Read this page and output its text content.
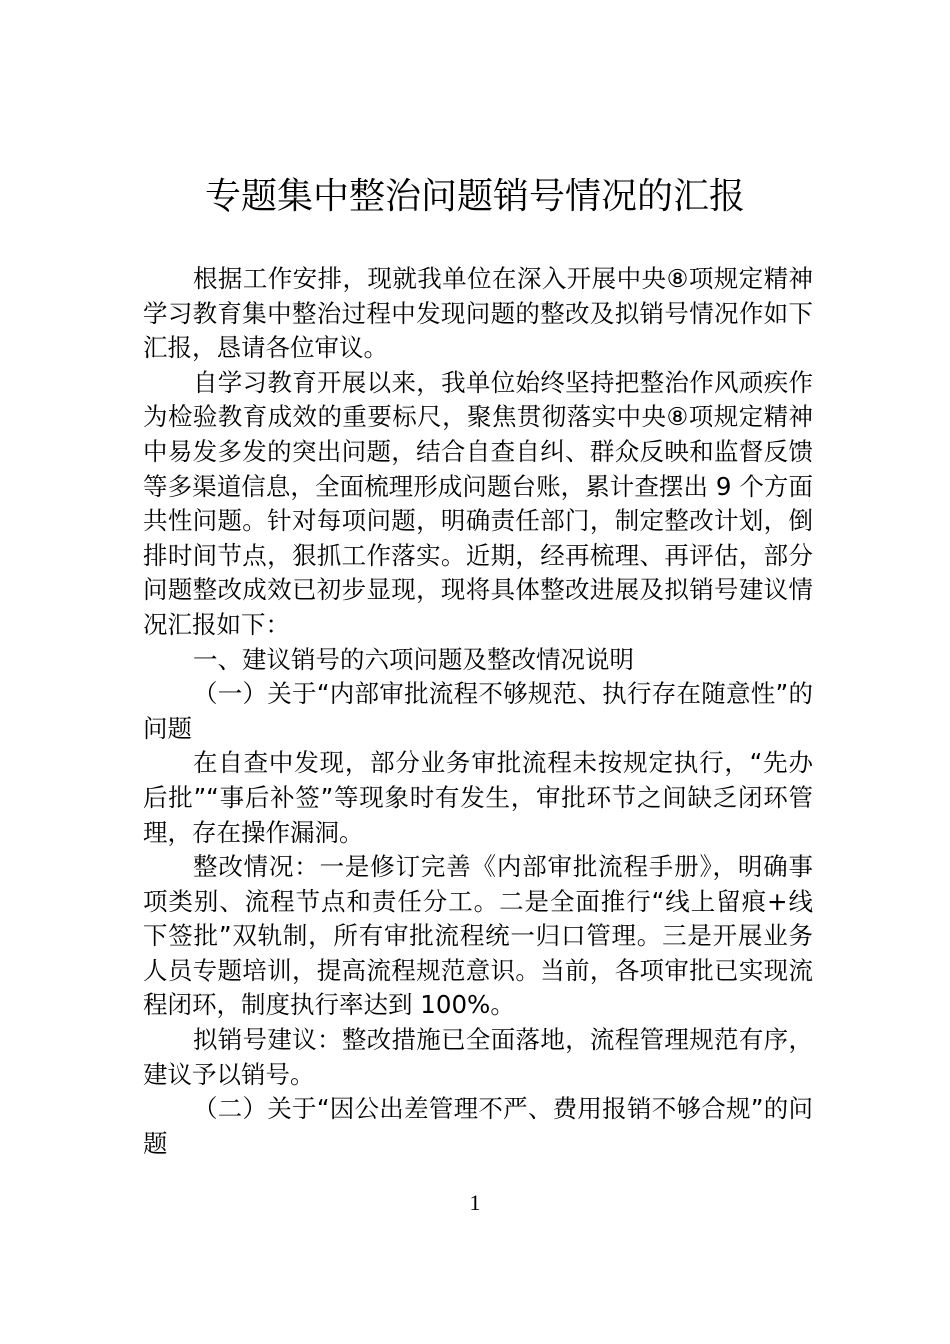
专题集中整治问题销号情况的汇报

根据工作安排，现就我单位在深入开展中央⑧项规定精神学习教育集中整治过程中发现问题的整改及拟销号情况作如下汇报，恳请各位审议。

自学习教育开展以来，我单位始终坚持把整治作风顽疾作为检验教育成效的重要标尺，聚焦贯彻落实中央⑧项规定精神中易发多发的突出问题，结合自查自纠、群众反映和监督反馈等多渠道信息，全面梳理形成问题台账，累计查摆出 9 个方面共性问题。针对每项问题，明确责任部门，制定整改计划，倒排时间节点，狠抓工作落实。近期，经再梳理、再评估，部分问题整改成效已初步显现，现将具体整改进展及拟销号建议情况汇报如下：

一、建议销号的六项问题及整改情况说明

（一）关于“内部审批流程不够规范、执行存在随意性”的问题

在自查中发现，部分业务审批流程未按规定执行，“先办后批”“事后补签”等现象时有发生，审批环节之间缺乏闭环管理，存在操作漏洞。

整改情况：一是修订完善《内部审批流程手册》，明确事项类别、流程节点和责任分工。二是全面推行“线上留痕+线下签批”双轨制，所有审批流程统一归口管理。三是开展业务人员专题培训，提高流程规范意识。当前，各项审批已实现流程闭环，制度执行率达到 100%。

拟销号建议：整改措施已全面落地，流程管理规范有序，建议予以销号。

（二）关于“因公出差管理不严、费用报销不够合规”的问题

1
